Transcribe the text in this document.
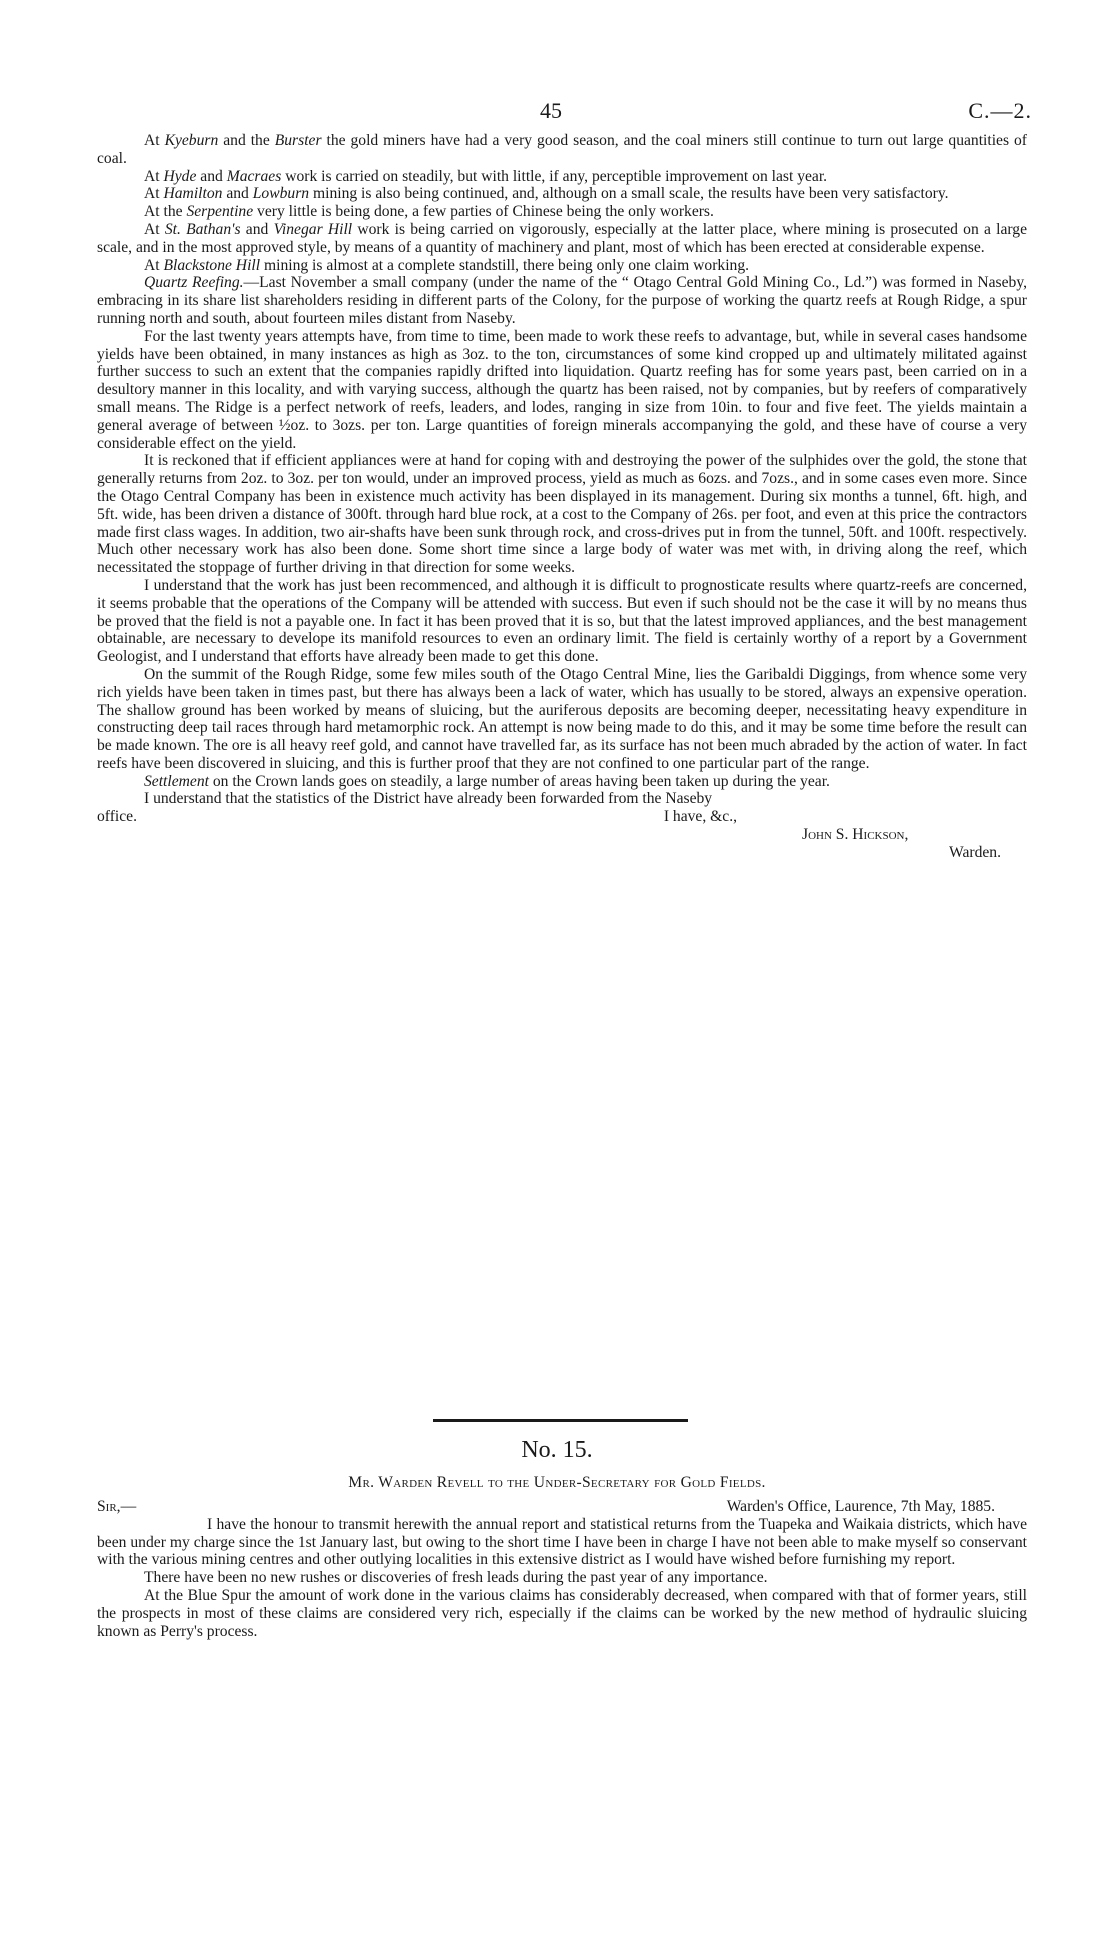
45	C.—2.

At Kyeburn and the Burster the gold miners have had a very good season, and the coal miners still continue to turn out large quantities of coal.

At Hyde and Macraes work is carried on steadily, but with little, if any, perceptible improvement on last year.

At Hamilton and Lowburn mining is also being continued, and, although on a small scale, the results have been very satisfactory.

At the Serpentine very little is being done, a few parties of Chinese being the only workers.

At St. Bathan's and Vinegar Hill work is being carried on vigorously, especially at the latter place, where mining is prosecuted on a large scale, and in the most approved style, by means of a quantity of machinery and plant, most of which has been erected at considerable expense.

At Blackstone Hill mining is almost at a complete standstill, there being only one claim working.

Quartz Reefing.—Last November a small company (under the name of the “ Otago Central Gold Mining Co., Ld.”) was formed in Naseby, embracing in its share list shareholders residing in different parts of the Colony, for the purpose of working the quartz reefs at Rough Ridge, a spur running north and south, about fourteen miles distant from Naseby.

For the last twenty years attempts have, from time to time, been made to work these reefs to advantage, but, while in several cases handsome yields have been obtained, in many instances as high as 3oz. to the ton, circumstances of some kind cropped up and ultimately militated against further success to such an extent that the companies rapidly drifted into liquidation. Quartz reefing has for some years past, been carried on in a desultory manner in this locality, and with varying success, although the quartz has been raised, not by companies, but by reefers of comparatively small means. The Ridge is a perfect network of reefs, leaders, and lodes, ranging in size from 10in. to four and five feet. The yields maintain a general average of between ½oz. to 3ozs. per ton. Large quantities of foreign minerals accompanying the gold, and these have of course a very considerable effect on the yield.

It is reckoned that if efficient appliances were at hand for coping with and destroying the power of the sulphides over the gold, the stone that generally returns from 2oz. to 3oz. per ton would, under an improved process, yield as much as 6ozs. and 7ozs., and in some cases even more. Since the Otago Central Company has been in existence much activity has been displayed in its management. During six months a tunnel, 6ft. high, and 5ft. wide, has been driven a distance of 300ft. through hard blue rock, at a cost to the Company of 26s. per foot, and even at this price the contractors made first class wages. In addition, two air-shafts have been sunk through rock, and cross-drives put in from the tunnel, 50ft. and 100ft. respectively. Much other necessary work has also been done. Some short time since a large body of water was met with, in driving along the reef, which necessitated the stoppage of further driving in that direction for some weeks.

I understand that the work has just been recommenced, and although it is difficult to prognosticate results where quartz-reefs are concerned, it seems probable that the operations of the Company will be attended with success. But even if such should not be the case it will by no means thus be proved that the field is not a payable one. In fact it has been proved that it is so, but that the latest improved appliances, and the best management obtainable, are necessary to develope its manifold resources to even an ordinary limit. The field is certainly worthy of a report by a Government Geologist, and I understand that efforts have already been made to get this done.

On the summit of the Rough Ridge, some few miles south of the Otago Central Mine, lies the Garibaldi Diggings, from whence some very rich yields have been taken in times past, but there has always been a lack of water, which has usually to be stored, always an expensive operation. The shallow ground has been worked by means of sluicing, but the auriferous deposits are becoming deeper, necessitating heavy expenditure in constructing deep tail races through hard metamorphic rock. An attempt is now being made to do this, and it may be some time before the result can be made known. The ore is all heavy reef gold, and cannot have travelled far, as its surface has not been much abraded by the action of water. In fact reefs have been discovered in sluicing, and this is further proof that they are not confined to one particular part of the range.

Settlement on the Crown lands goes on steadily, a large number of areas having been taken up during the year.

I understand that the statistics of the District have already been forwarded from the Naseby

office.	I have, &c.,

John S. Hickson,

Warden.

No. 15.
Mr. Warden Revell to the Under-Secretary for Gold Fields.
Sir,—	Warden's Office, Laurence, 7th May, 1885.

I have the honour to transmit herewith the annual report and statistical returns from the Tuapeka and Waikaia districts, which have been under my charge since the 1st January last, but owing to the short time I have been in charge I have not been able to make myself so conservant with the various mining centres and other outlying localities in this extensive district as I would have wished before furnishing my report.

There have been no new rushes or discoveries of fresh leads during the past year of any importance.

At the Blue Spur the amount of work done in the various claims has considerably decreased, when compared with that of former years, still the prospects in most of these claims are considered very rich, especially if the claims can be worked by the new method of hydraulic sluicing known as Perry's process.
